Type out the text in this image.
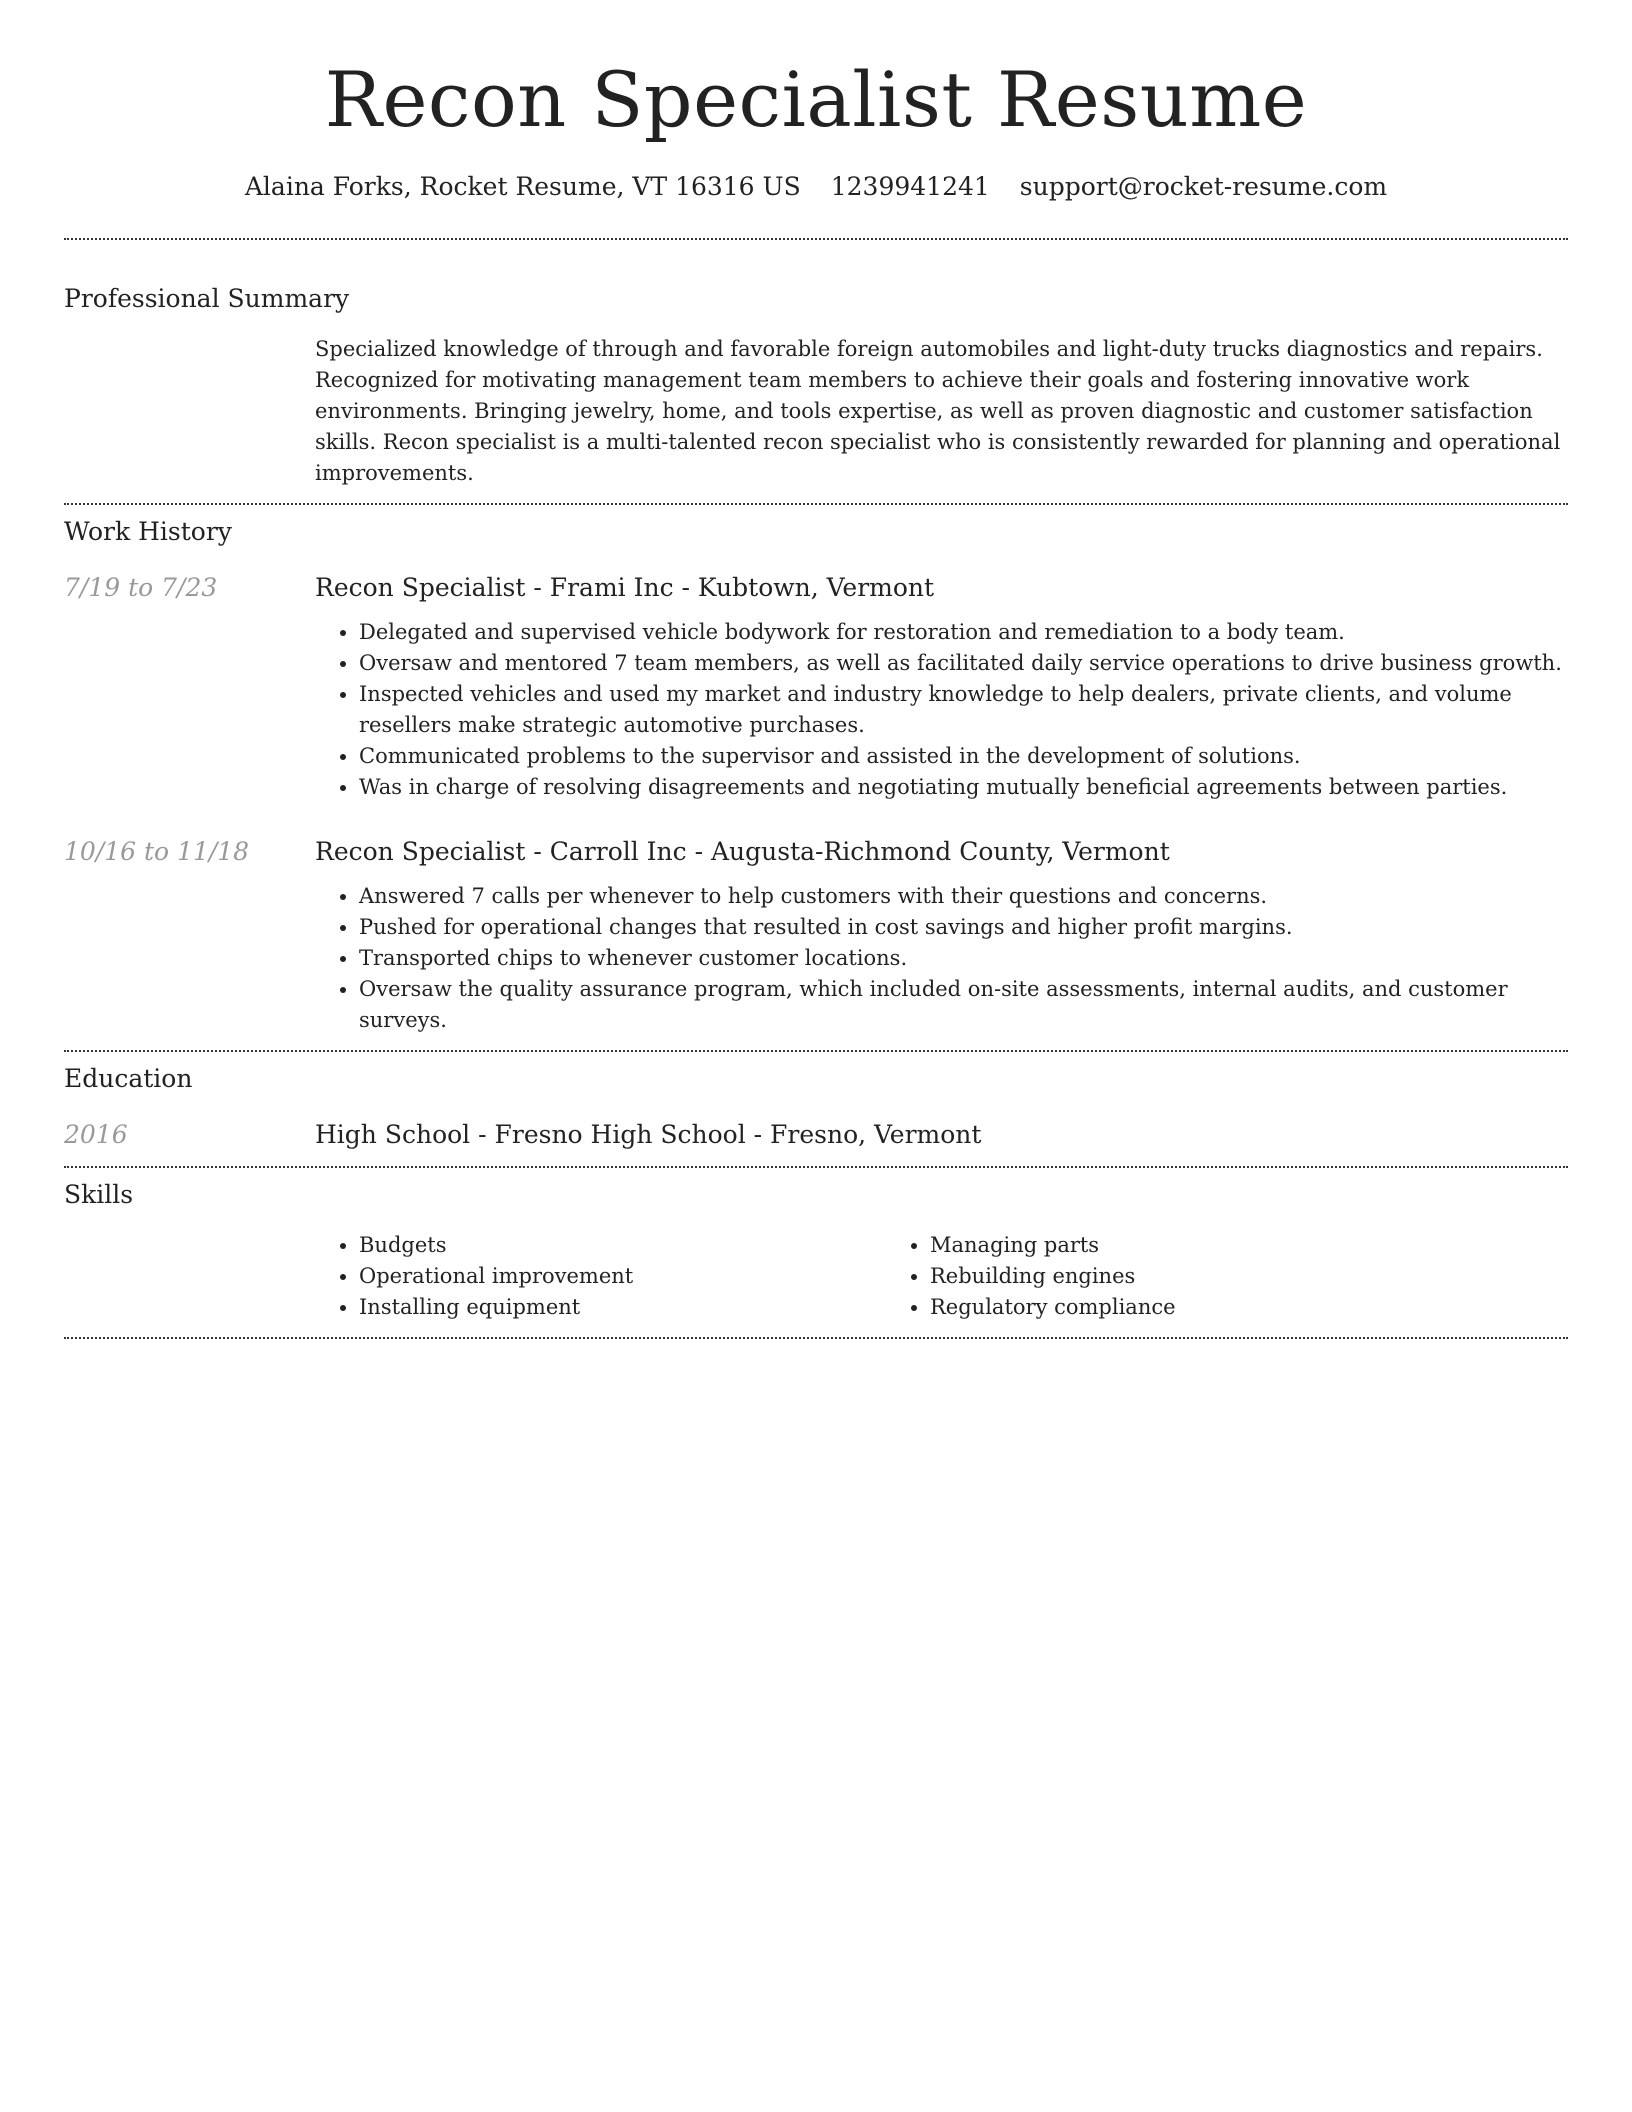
Recon Specialist Resume
Alaina Forks, Rocket Resume, VT 16316 US 1239941241 support@rocket-resume.com
Professional Summary

Specialized knowledge of through and favorable foreign automobiles and light-duty trucks diagnostics and repairs. Recognized for motivating management team members to achieve their goals and fostering innovative work environments. Bringing jewelry, home, and tools expertise, as well as proven diagnostic and customer satisfaction skills. Recon specialist is a multi-talented recon specialist who is consistently rewarded for planning and operational improvements.

Work History
7/19 to 7/23	Recon Specialist - Frami Inc - Kubtown, Vermont
• Delegated and supervised vehicle bodywork for restoration and remediation to a body team.
• Oversaw and mentored 7 team members, as well as facilitated daily service operations to drive business growth.
• Inspected vehicles and used my market and industry knowledge to help dealers, private clients, and volume resellers make strategic automotive purchases.
• Communicated problems to the supervisor and assisted in the development of solutions.
• Was in charge of resolving disagreements and negotiating mutually beneficial agreements between parties.
10/16 to 11/18	Recon Specialist - Carroll Inc - Augusta-Richmond County, Vermont
• Answered 7 calls per whenever to help customers with their questions and concerns.
• Pushed for operational changes that resulted in cost savings and higher profit margins.
• Transported chips to whenever customer locations.
• Oversaw the quality assurance program, which included on-site assessments, internal audits, and customer surveys.
Education
2016	High School - Fresno High School - Fresno, Vermont
Skills
• Budgets
• Operational improvement
• Installing equipment
• Managing parts
• Rebuilding engines
• Regulatory compliance
